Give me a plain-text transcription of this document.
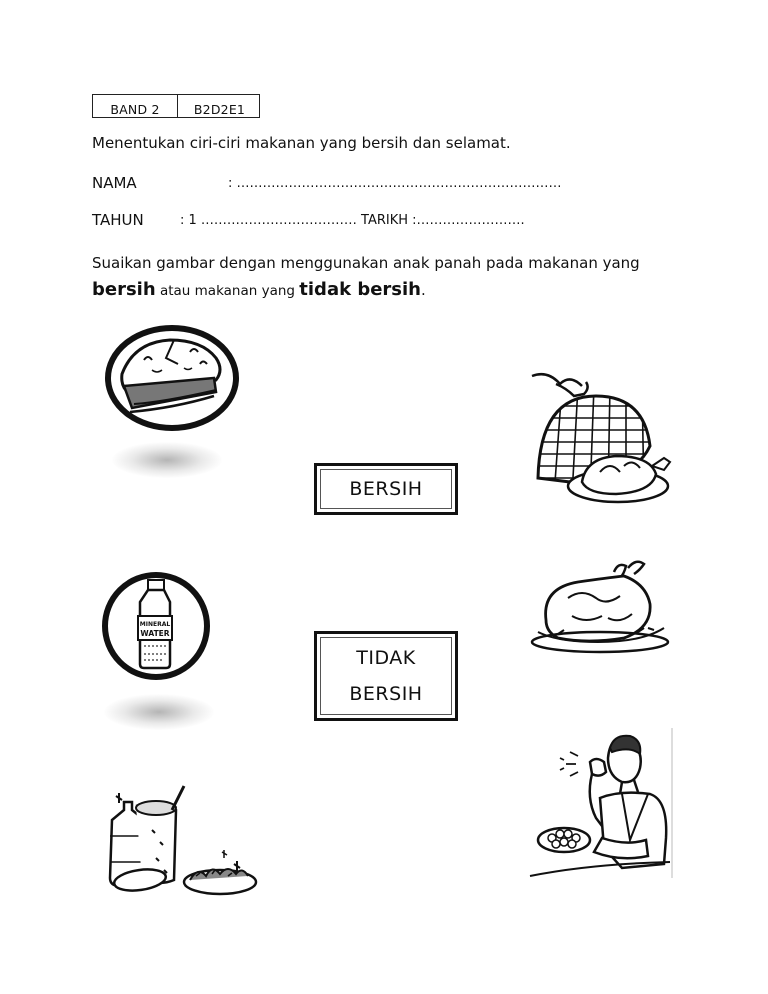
BAND 2	B2D2E1
Menentukan ciri-ciri makanan yang bersih dan selamat.
NAMA	: …………………………………………………………………
TAHUN	: 1 ……………………………… TARIKH :…………………….
Suaikan gambar dengan menggunakan anak panah pada makanan yang
bersih atau makanan yang tidak bersih.
BERSIH
TIDAK
BERSIH
MINERAL
WATER
